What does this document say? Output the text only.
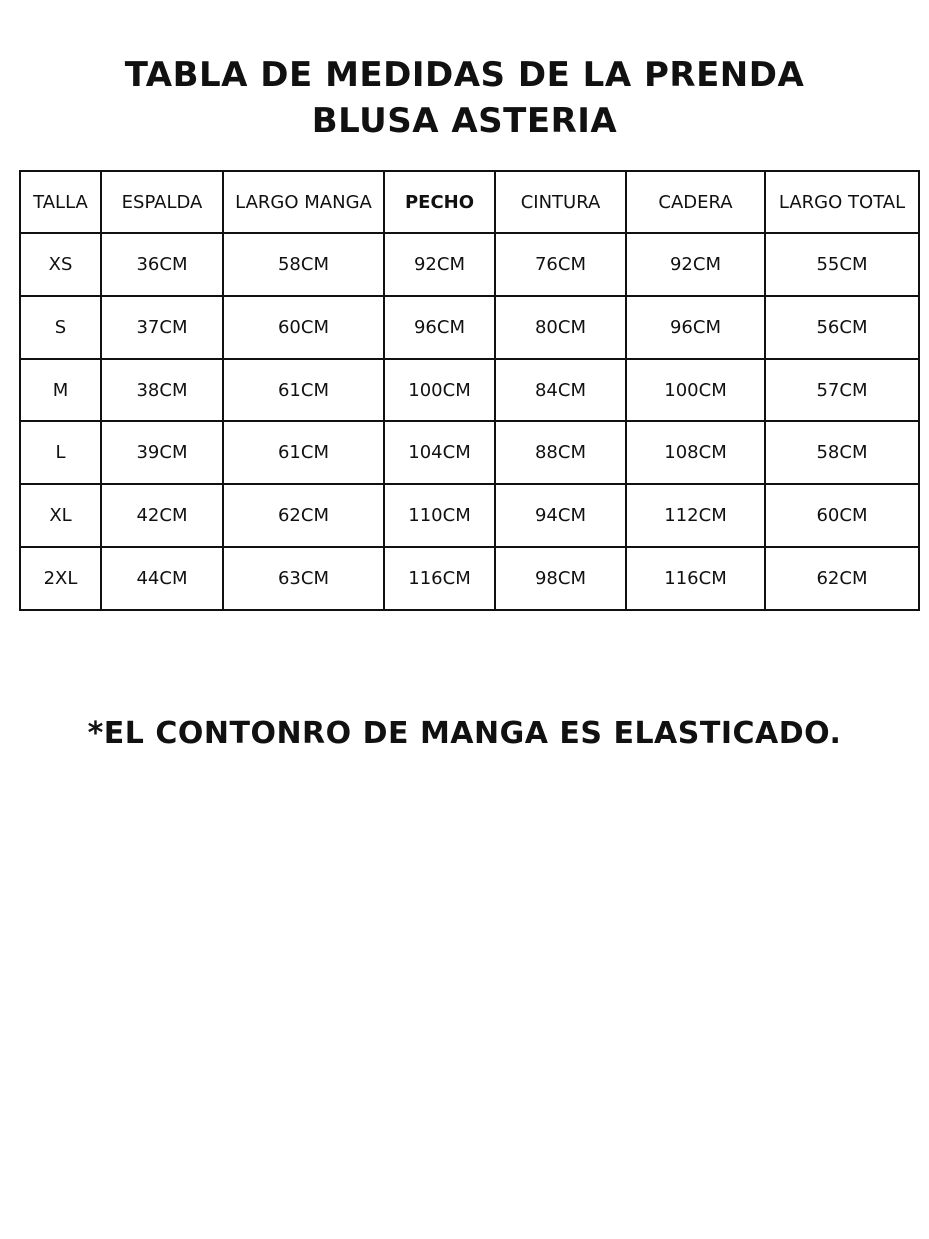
TABLA DE MEDIDAS DE LA PRENDA
BLUSA ASTERIA
TALLA	ESPALDA	LARGO MANGA	PECHO	CINTURA	CADERA	LARGO TOTAL
XS	36CM	58CM	92CM	76CM	92CM	55CM
S	37CM	60CM	96CM	80CM	96CM	56CM
M	38CM	61CM	100CM	84CM	100CM	57CM
L	39CM	61CM	104CM	88CM	108CM	58CM
XL	42CM	62CM	110CM	94CM	112CM	60CM
2XL	44CM	63CM	116CM	98CM	116CM	62CM
*EL CONTONRO DE MANGA ES ELASTICADO.
